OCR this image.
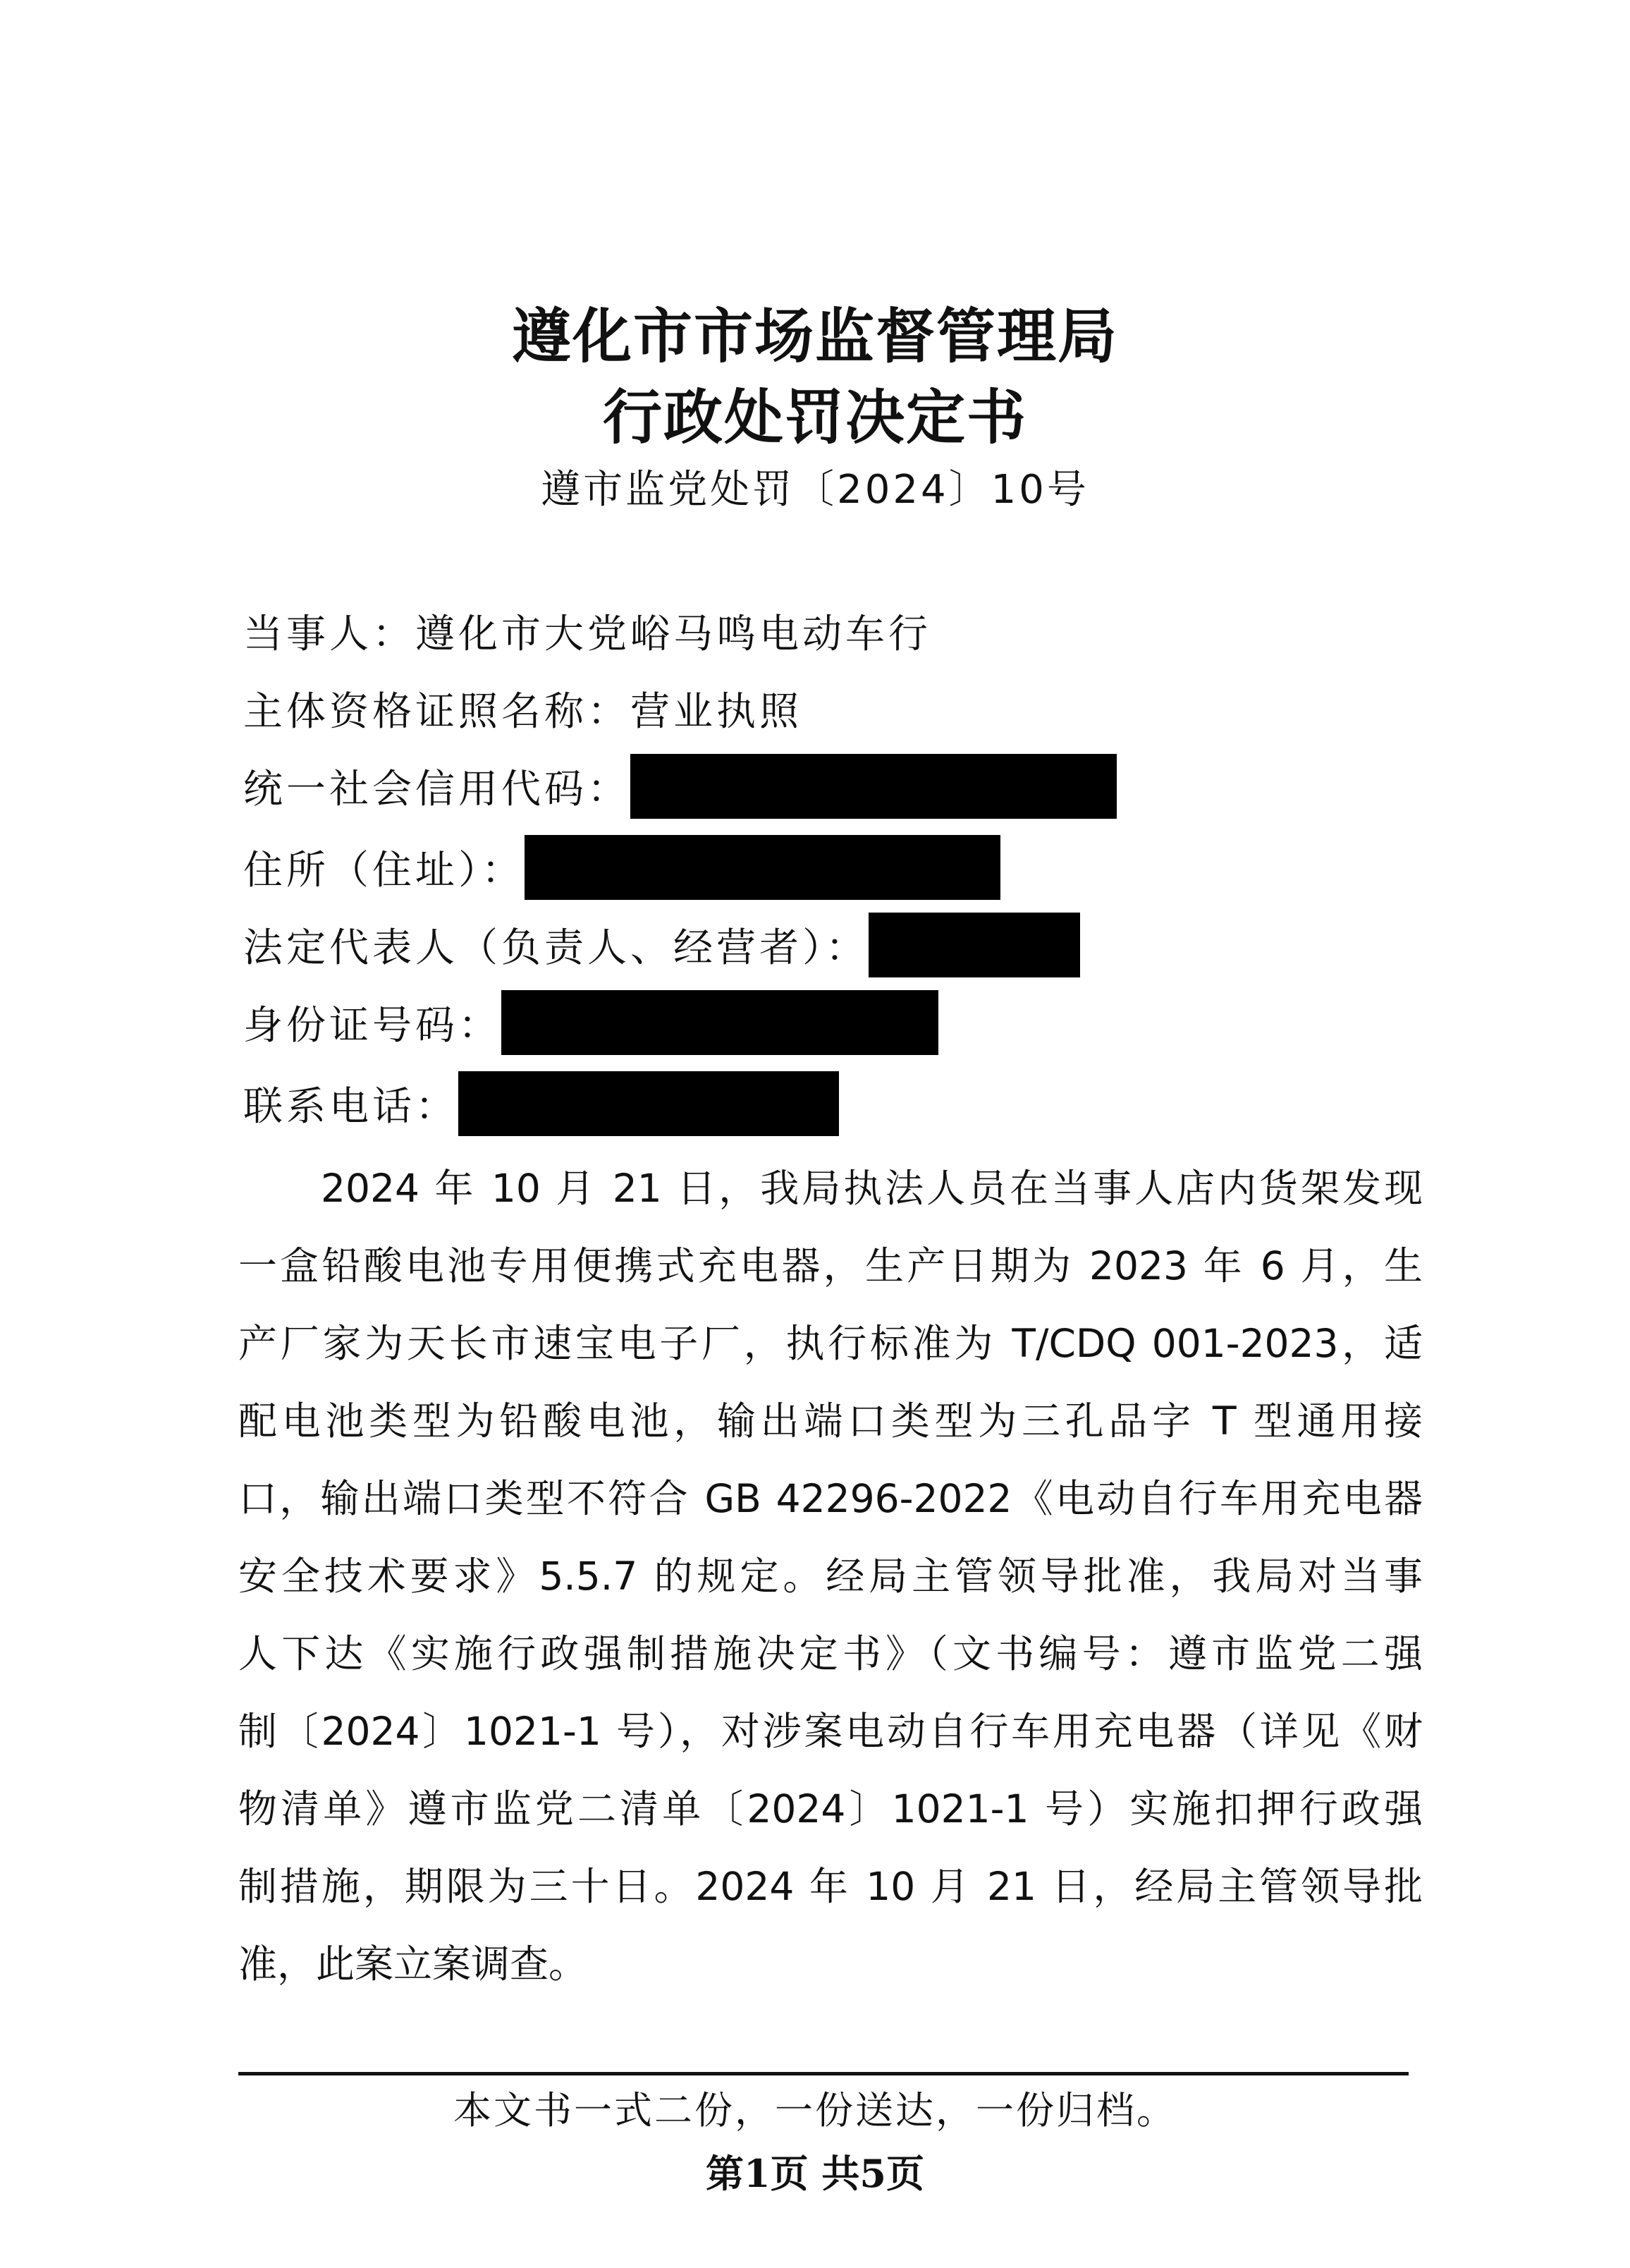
遵化市市场监督管理局
行政处罚决定书
遵市监党处罚〔2024〕10号
当事人：遵化市大党峪马鸣电动车行
主体资格证照名称：营业执照
统一社会信用代码：
住所（住址）：
法定代表人（负责人、经营者）：
身份证号码：
联系电话：
2024 年 10 月 21 日，我局执法人员在当事人店内货架发现
一盒铅酸电池专用便携式充电器，生产日期为 2023 年 6 月，生
产厂家为天长市速宝电子厂，执行标准为 T/CDQ 001-2023，适
配电池类型为铅酸电池，输出端口类型为三孔品字 T 型通用接
口，输出端口类型不符合 GB 42296-2022《电动自行车用充电器
安全技术要求》5.5.7 的规定。经局主管领导批准，我局对当事
人下达《实施行政强制措施决定书》（文书编号：遵市监党二强
制〔2024〕1021-1 号），对涉案电动自行车用充电器（详见《财
物清单》遵市监党二清单〔2024〕1021-1 号）实施扣押行政强
制措施，期限为三十日。2024 年 10 月 21 日，经局主管领导批
准，此案立案调查。
本文书一式二份，一份送达，一份归档。
第1页 共5页
